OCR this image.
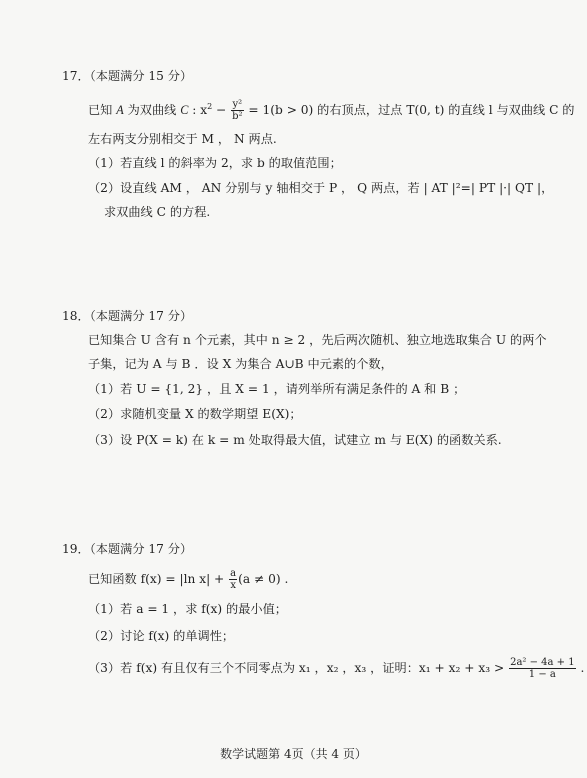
17．（本题满分 15 分）
已知 A 为双曲线 C : $x^2 - \frac{\text{y²}}{\text{b²}} = 1(b > 0)$ 的右顶点，过点 T(0, t) 的直线 l 与双曲线 C 的
左右两支分别相交于 M ， N 两点.
（1）若直线 l 的斜率为 2，求 b 的取值范围；
（2）设直线 AM ， AN 分别与 y 轴相交于 P ， Q 两点，若 | AT |²=| PT |·| QT |，
求双曲线 C 的方程.
18．（本题满分 17 分）
已知集合 U 含有 n 个元素，其中 n ≥ 2 ，先后两次随机、独立地选取集合 U 的两个
子集，记为 A 与 B ．设 X 为集合 A∪B 中元素的个数，
（1）若 U = {1, 2} ，且 X = 1 ，请列举所有满足条件的 A 和 B ；
（2）求随机变量 X 的数学期望 E(X)；
（3）设 P(X = k) 在 k = m 处取得最大值，试建立 m 与 E(X) 的函数关系.
19．（本题满分 17 分）
已知函数 f(x) = |ln $x| + \frac{a}{x} (a \ne 0)$ .
（1）若 a = 1 ，求 f(x) 的最小值；
（2）讨论 f(x) 的单调性；
（3）若 f(x) 有且仅有三个不同零点为 x₁ ，x₂ ，x₃ ，证明：$x_1 + x_2 + x_3 > \frac{\text{2a² − 4a + 1}}{1 - a}$ .
数学试题第 4页（共 4 页）
